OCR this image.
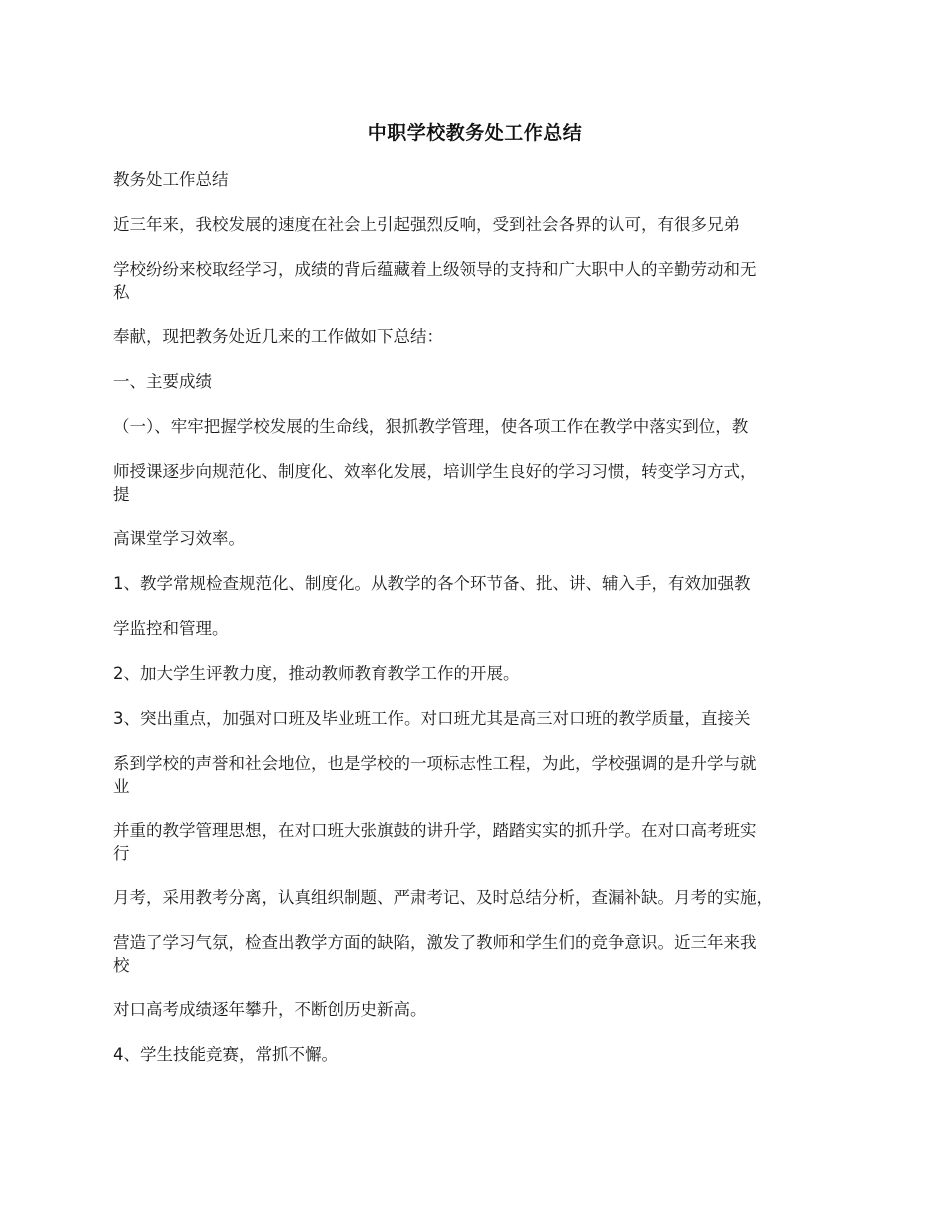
中职学校教务处工作总结
教务处工作总结
近三年来，我校发展的速度在社会上引起强烈反响，受到社会各界的认可，有很多兄弟
学校纷纷来校取经学习，成绩的背后蕴藏着上级领导的支持和广大职中人的辛勤劳动和无
私
奉献，现把教务处近几来的工作做如下总结：
一、主要成绩
（一）、牢牢把握学校发展的生命线，狠抓教学管理，使各项工作在教学中落实到位，教
师授课逐步向规范化、制度化、效率化发展，培训学生良好的学习习惯，转变学习方式，
提
高课堂学习效率。
1、教学常规检查规范化、制度化。从教学的各个环节备、批、讲、辅入手，有效加强教
学监控和管理。
2、加大学生评教力度，推动教师教育教学工作的开展。
3、突出重点，加强对口班及毕业班工作。对口班尤其是高三对口班的教学质量，直接关
系到学校的声誉和社会地位，也是学校的一项标志性工程，为此，学校强调的是升学与就
业
并重的教学管理思想，在对口班大张旗鼓的讲升学，踏踏实实的抓升学。在对口高考班实
行
月考，采用教考分离，认真组织制题、严肃考记、及时总结分析，查漏补缺。月考的实施，
营造了学习气氛，检查出教学方面的缺陷，激发了教师和学生们的竞争意识。近三年来我
校
对口高考成绩逐年攀升，不断创历史新高。
4、学生技能竞赛，常抓不懈。
